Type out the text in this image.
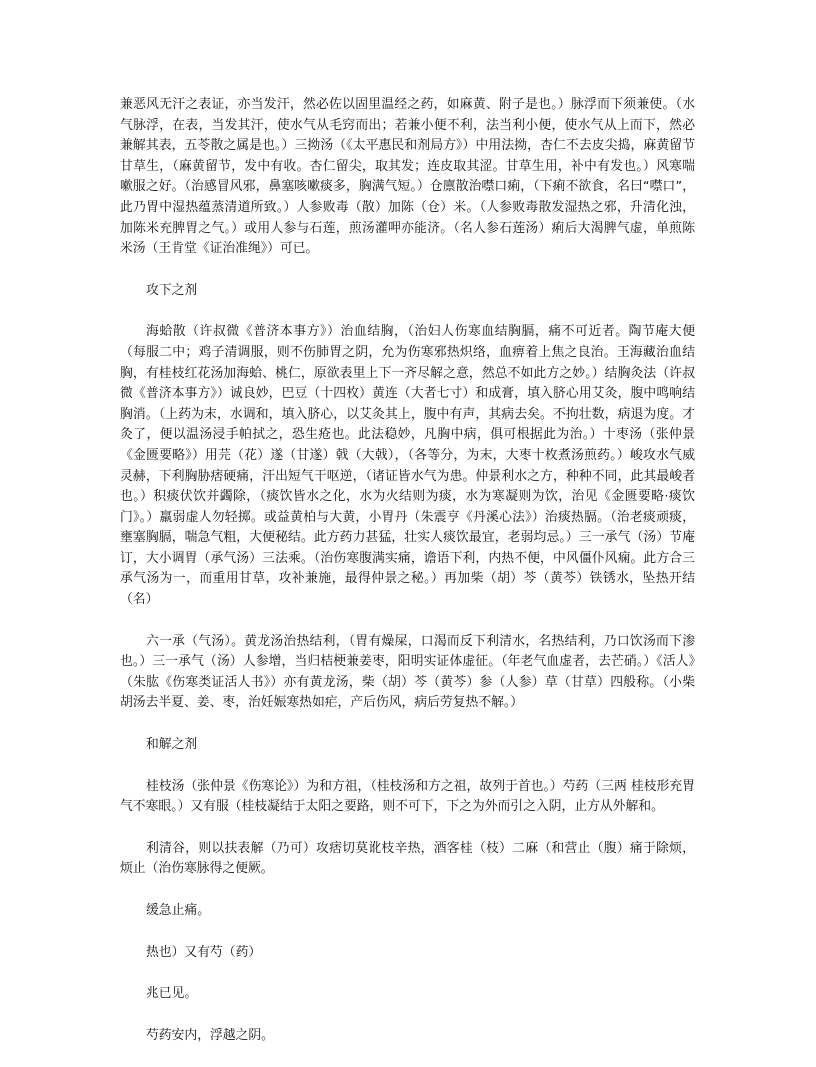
兼恶风无汗之表证，亦当发汗，然必佐以固里温经之药，如麻黄、附子是也。）脉浮而下须兼使。（水气脉浮，在表，当发其汗，使水气从毛窍而出；若兼小便不利，法当利小便，使水气从上而下，然必兼解其表，五苓散之属是也。）三拗汤（《太平惠民和剂局方》）中用法拗，杏仁不去皮尖捣，麻黄留节甘草生，（麻黄留节，发中有收。杏仁留尖，取其发；连皮取其涩。甘草生用，补中有发也。）风寒喘嗽服之好。（治感冒风邪，鼻塞咳嗽痰多，胸满气短。）仓廪散治噤口痢，（下痢不欲食，名曰“噤口”，此乃胃中湿热蕴蒸清道所致。）人参败毒（散）加陈（仓）米。（人参败毒散发湿热之邪，升清化浊，加陈米充脾胃之气。）或用人参与石莲，煎汤灌呷亦能济。（名人参石莲汤）痢后大渴脾气虚，单煎陈米汤（王肯堂《证治准绳》）可已。

攻下之剂

海蛤散（许叔微《普济本事方》）治血结胸，（治妇人伤寒血结胸膈，痛不可近者。陶节庵大便（每服二中；鸡子清调服，则不伤肺胃之阴，允为伤寒邪热炽络，血痹着上焦之良治。王海藏治血结胸，有桂枝红花汤加海蛤、桃仁，原欲表里上下一齐尽解之意，然总不如此方之妙。）结胸灸法（许叔微《普济本事方》）诚良妙，巴豆（十四枚）黄连（大者七寸）和成膏，填入脐心用艾灸，腹中鸣响结胸消。（上药为末，水调和，填入脐心，以艾灸其上，腹中有声，其病去矣。不拘壮数，病退为度。才灸了，便以温汤浸手帕拭之，恐生疮也。此法稳妙，凡胸中病，俱可根据此为治。）十枣汤（张仲景《金匮要略》）用芫（花）遂（甘遂）戟（大戟），（各等分，为末，大枣十枚煮汤煎药。）峻攻水气威灵赫，下利胸胁痞硬痛，汗出短气干呕逆，（诸证皆水气为患。仲景利水之方，种种不同，此其最峻者也。）积痰伏饮并蠲除，（痰饮皆水之化，水为火结则为痰，水为寒凝则为饮，治见《金匮要略·痰饮门》。）羸弱虚人勿轻掷。或益黄柏与大黄，小胃丹（朱震亨《丹溪心法》）治痰热膈。（治老痰顽痰，壅塞胸膈，喘急气粗，大便秘结。此方药力甚猛，壮实人痰饮最宜，老弱均忌。）三一承气（汤）节庵订，大小调胃（承气汤）三法乘。（治伤寒腹满实痛，谵语下利，内热不便，中风僵仆风痫。此方合三承气汤为一，而重用甘草，攻补兼施，最得仲景之秘。）再加柴（胡）芩（黄芩）铁锈水，坠热开结（名）

六一承（气汤）。黄龙汤治热结利，（胃有燥屎，口渴而反下利清水，名热结利，乃口饮汤而下渗也。）三一承气（汤）人参增，当归桔梗兼姜枣，阳明实证体虚征。（年老气血虚者，去芒硝。）《活人》（朱肱《伤寒类证活人书》）亦有黄龙汤，柴（胡）芩（黄芩）参（人参）草（甘草）四般称。（小柴胡汤去半夏、姜、枣，治妊娠寒热如疟，产后伤风，病后劳复热不解。）

和解之剂

桂枝汤（张仲景《伤寒论》）为和方祖，（桂枝汤和方之祖，故列于首也。）芍药（三两 桂枝形充胃气不寒眼。）又有服（桂枝凝结于太阳之要路，则不可下，下之为外而引之入阴，止方从外解和。

利清谷，则以扶表解（乃可）攻痞切莫讹枝辛热，酒客桂（枝）二麻（和营止（腹）痛于除烦，烦止（治伤寒脉得之便厥。

缓急止痛。

热也）又有芍（药）

兆已见。

芍药安内，浮越之阴。
